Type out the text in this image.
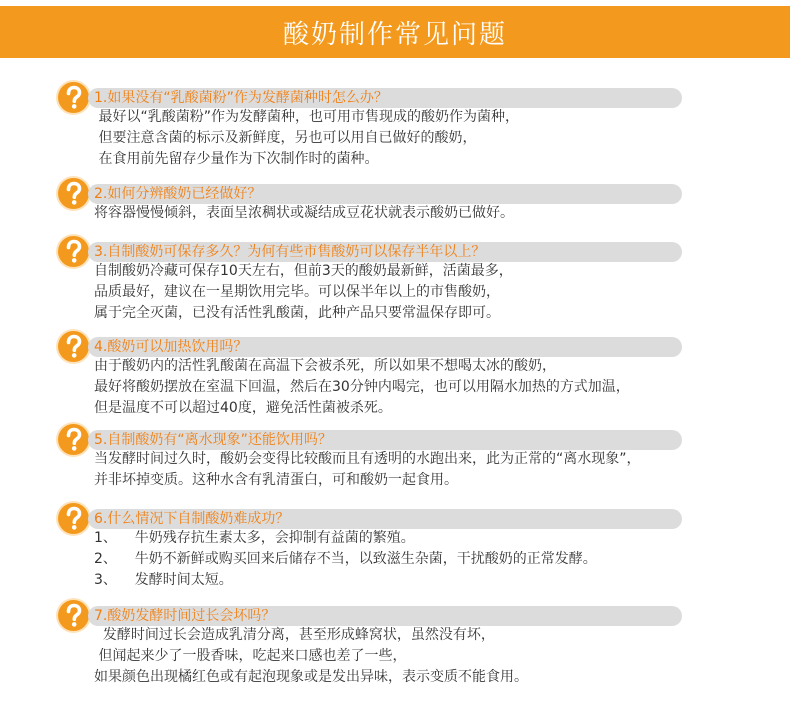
酸奶制作常见问题
1.如果没有“乳酸菌粉”作为发酵菌种时怎么办？
最好以“乳酸菌粉”作为发酵菌种，也可用市售现成的酸奶作为菌种，
但要注意含菌的标示及新鲜度，另也可以用自已做好的酸奶，
在食用前先留存少量作为下次制作时的菌种。
2.如何分辨酸奶已经做好？
将容器慢慢倾斜，表面呈浓稠状或凝结成豆花状就表示酸奶已做好。
3.自制酸奶可保存多久？为何有些市售酸奶可以保存半年以上？
自制酸奶冷藏可保存10天左右，但前3天的酸奶最新鲜，活菌最多，
品质最好，建议在一星期饮用完毕。可以保半年以上的市售酸奶，
属于完全灭菌，已没有活性乳酸菌，此种产品只要常温保存即可。
4.酸奶可以加热饮用吗？
由于酸奶内的活性乳酸菌在高温下会被杀死，所以如果不想喝太冰的酸奶，
最好将酸奶摆放在室温下回温，然后在30分钟内喝完，也可以用隔水加热的方式加温，
但是温度不可以超过40度，避免活性菌被杀死。
5.自制酸奶有“离水现象”还能饮用吗？
当发酵时间过久时，酸奶会变得比较酸而且有透明的水跑出来，此为正常的“离水现象”，
并非坏掉变质。这种水含有乳清蛋白，可和酸奶一起食用。
6.什么情况下自制酸奶难成功？
1、    牛奶残存抗生素太多，会抑制有益菌的繁殖。
2、    牛奶不新鲜或购买回来后储存不当，以致滋生杂菌，干扰酸奶的正常发酵。
3、    发酵时间太短。
7.酸奶发酵时间过长会坏吗？
发酵时间过长会造成乳清分离，甚至形成蜂窝状，虽然没有坏，
但闻起来少了一股香味，吃起来口感也差了一些，
如果颜色出现橘红色或有起泡现象或是发出异味，表示变质不能食用。
